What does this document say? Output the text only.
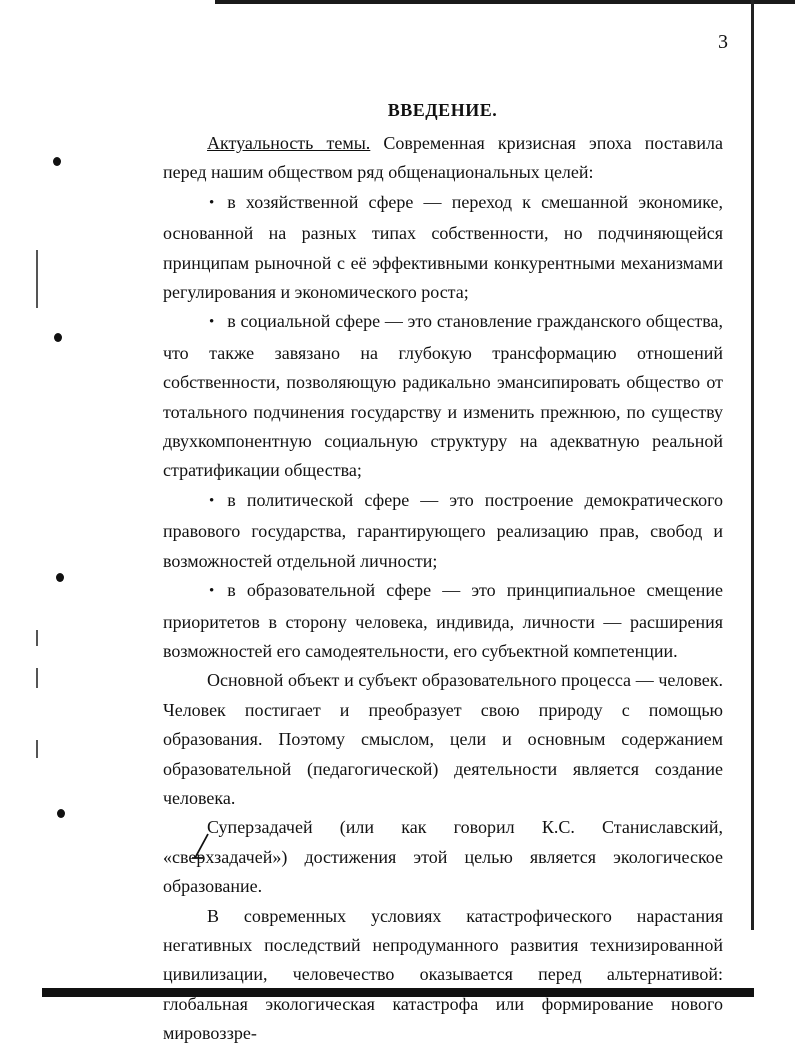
3
ВВЕДЕНИЕ.

Актуальность темы. Современная кризисная эпоха поставила перед нашим обществом ряд общенациональных целей:

• в хозяйственной сфере — переход к смешанной экономике, основанной на разных типах собственности, но подчиняющейся принципам рыночной с её эффективными конкурентными механизмами регулирования и экономического роста;

• в социальной сфере — это становление гражданского общества, что также завязано на глубокую трансформацию отношений собственности, позволяющую радикально эмансипировать общество от тотального подчинения государству и изменить прежнюю, по существу двухкомпонентную социальную структуру на адекватную реальной стратификации общества;

• в политической сфере — это построение демократического правового государства, гарантирующего реализацию прав, свобод и возможностей отдельной личности;

• в образовательной сфере — это принципиальное смещение приоритетов в сторону человека, индивида, личности — расширения возможностей его самодеятельности, его субъектной компетенции.

Основной объект и субъект образовательного процесса — человек. Человек постигает и преобразует свою природу с помощью образования. Поэтому смыслом, цели и основным содержанием образовательной (педагогической) деятельности является создание человека.

Суперзадачей (или как говорил К.С. Станиславский, «сверхзадачей») достижения этой целью является экологическое образование.

В современных условиях катастрофического нарастания негативных последствий непродуманного развития технизированной цивилизации, человечество оказывается перед альтернативой: глобальная экологическая катастрофа или формирование нового мировоззре-
